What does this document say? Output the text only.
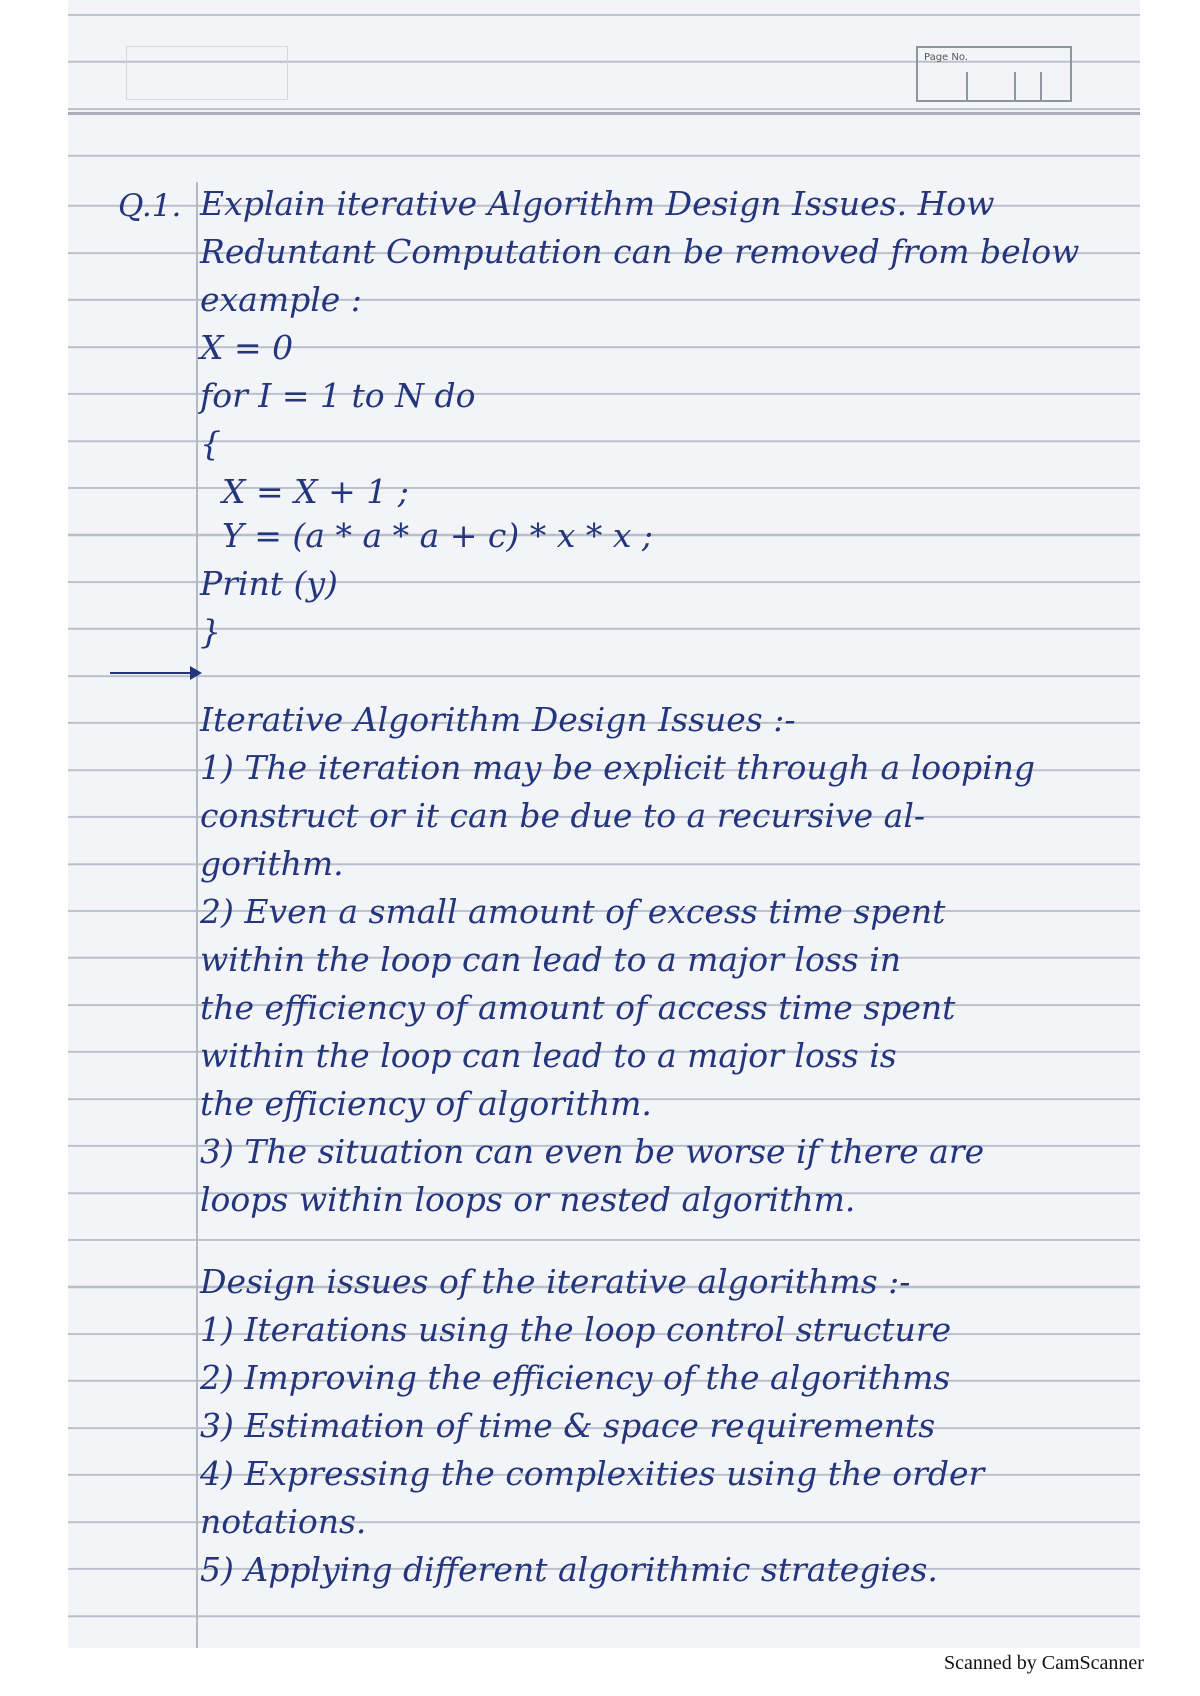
Page No.
Q.1. Explain iterative Algorithm Design Issues. How
Reduntant Computation can be removed from below
example :
X = 0
for I = 1 to N do
{
X = X + 1 ;
Y = (a * a * a + c) * x * x ;
Print (y)
}
Iterative Algorithm Design Issues :-
1) The iteration may be explicit through a looping
construct or it can be due to a recursive al-
gorithm.
2) Even a small amount of excess time spent
within the loop can lead to a major loss in
the efficiency of amount of access time spent
within the loop can lead to a major loss is
the efficiency of algorithm.
3) The situation can even be worse if there are
loops within loops or nested algorithm.
Design issues of the iterative algorithms :-
1) Iterations using the loop control structure
2) Improving the efficiency of the algorithms
3) Estimation of time & space requirements
4) Expressing the complexities using the order
notations.
5) Applying different algorithmic strategies.
Scanned by CamScanner
